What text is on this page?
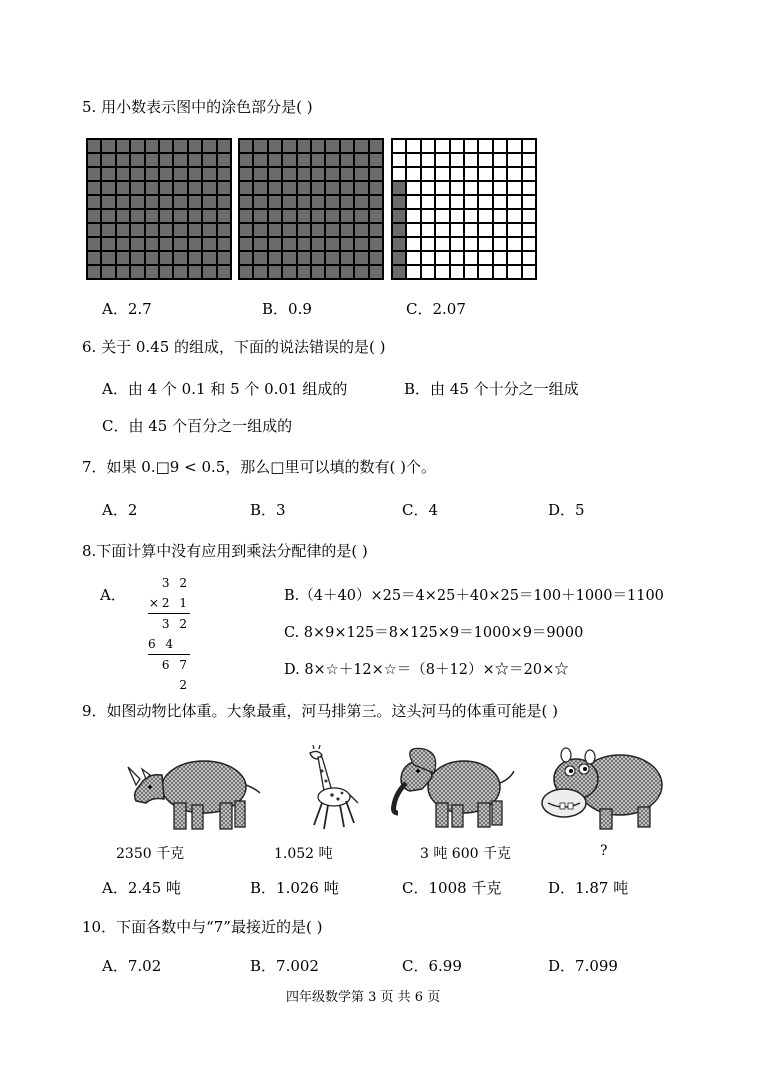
5. 用小数表示图中的涂色部分是( )
A．2.7	B．0.9	C．2.07
6. 关于 0.45 的组成，下面的说法错误的是( )
A．由 4 个 0.1 和 5 个 0.01 组成的	B．由 45 个十分之一组成
C．由 45 个百分之一组成的
7．如果 0.□9 < 0.5，那么□里可以填的数有( )个。
A．2	B．3	C．4	D．5
8.下面计算中没有应用到乘法分配律的是( )
A．
3 2
×2 1
3 2
6 4
6 7 2
B.（4＋40）×25＝4×25＋40×25＝100＋1000＝1100
C. 8×9×125＝8×125×9＝1000×9＝9000
D. 8×☆＋12×☆＝（8＋12）×☆＝20×☆
9．如图动物比体重。大象最重，河马排第三。这头河马的体重可能是( )
2350 千克	1.052 吨	3 吨 600 千克	?
A．2.45 吨	B．1.026 吨	C．1008 千克	D．1.87 吨
10．下面各数中与“7”最接近的是( )
A．7.02	B．7.002	C．6.99	D．7.099
四年级数学第 3 页 共 6 页
